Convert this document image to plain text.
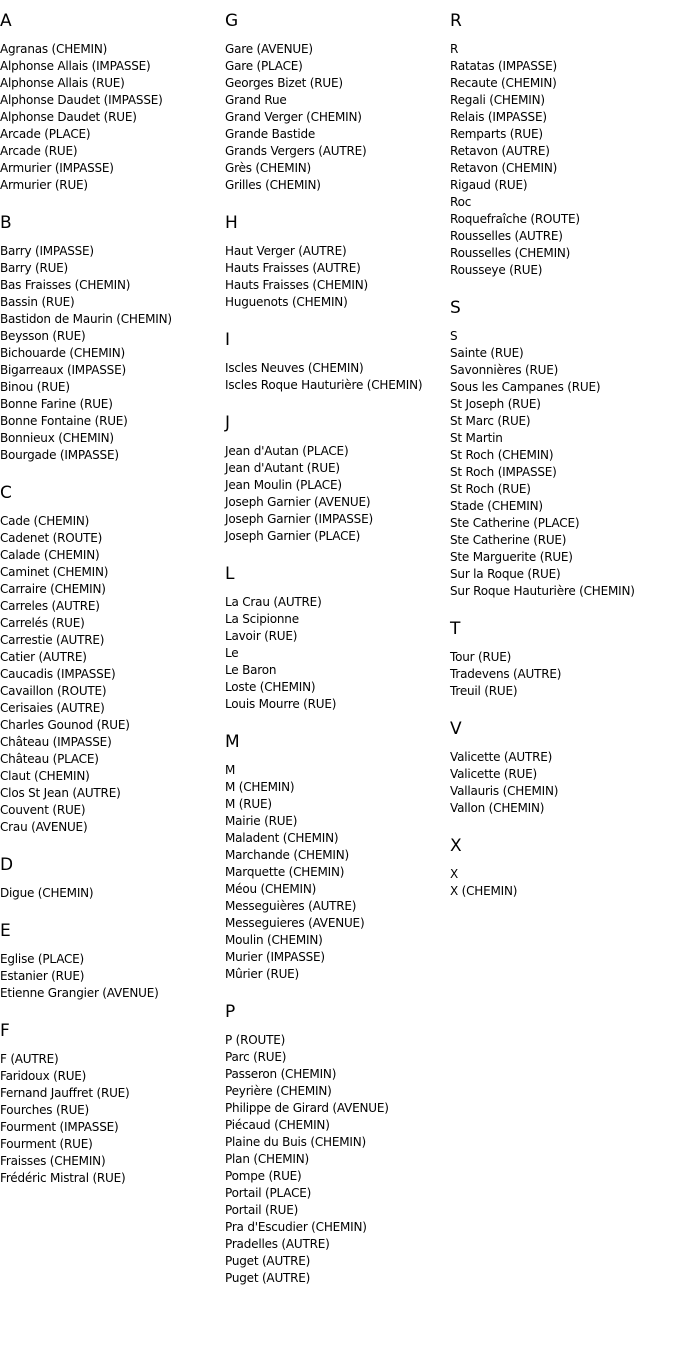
A
Agranas (CHEMIN)
Alphonse Allais (IMPASSE)
Alphonse Allais (RUE)
Alphonse Daudet (IMPASSE)
Alphonse Daudet (RUE)
Arcade (PLACE)
Arcade (RUE)
Armurier (IMPASSE)
Armurier (RUE)
B
Barry (IMPASSE)
Barry (RUE)
Bas Fraisses (CHEMIN)
Bassin (RUE)
Bastidon de Maurin (CHEMIN)
Beysson (RUE)
Bichouarde (CHEMIN)
Bigarreaux (IMPASSE)
Binou (RUE)
Bonne Farine (RUE)
Bonne Fontaine (RUE)
Bonnieux (CHEMIN)
Bourgade (IMPASSE)
C
Cade (CHEMIN)
Cadenet (ROUTE)
Calade (CHEMIN)
Caminet (CHEMIN)
Carraire (CHEMIN)
Carreles (AUTRE)
Carrelés (RUE)
Carrestie (AUTRE)
Catier (AUTRE)
Caucadis (IMPASSE)
Cavaillon (ROUTE)
Cerisaies (AUTRE)
Charles Gounod (RUE)
Château (IMPASSE)
Château (PLACE)
Claut (CHEMIN)
Clos St Jean (AUTRE)
Couvent (RUE)
Crau (AVENUE)
D
Digue (CHEMIN)
E
Eglise (PLACE)
Estanier (RUE)
Etienne Grangier (AVENUE)
F
F (AUTRE)
Faridoux (RUE)
Fernand Jauffret (RUE)
Fourches (RUE)
Fourment (IMPASSE)
Fourment (RUE)
Fraisses (CHEMIN)
Frédéric Mistral (RUE)
G
Gare (AVENUE)
Gare (PLACE)
Georges Bizet (RUE)
Grand Rue
Grand Verger (CHEMIN)
Grande Bastide
Grands Vergers (AUTRE)
Grès (CHEMIN)
Grilles (CHEMIN)
H
Haut Verger (AUTRE)
Hauts Fraisses (AUTRE)
Hauts Fraisses (CHEMIN)
Huguenots (CHEMIN)
I
Iscles Neuves (CHEMIN)
Iscles Roque Hauturière (CHEMIN)
J
Jean d'Autan (PLACE)
Jean d'Autant (RUE)
Jean Moulin (PLACE)
Joseph Garnier (AVENUE)
Joseph Garnier (IMPASSE)
Joseph Garnier (PLACE)
L
La Crau (AUTRE)
La Scipionne
Lavoir (RUE)
Le
Le Baron
Loste (CHEMIN)
Louis Mourre (RUE)
M
M
M (CHEMIN)
M (RUE)
Mairie (RUE)
Maladent (CHEMIN)
Marchande (CHEMIN)
Marquette (CHEMIN)
Méou (CHEMIN)
Messeguières (AUTRE)
Messeguieres (AVENUE)
Moulin (CHEMIN)
Murier (IMPASSE)
Mûrier (RUE)
P
P (ROUTE)
Parc (RUE)
Passeron (CHEMIN)
Peyrière (CHEMIN)
Philippe de Girard (AVENUE)
Piécaud (CHEMIN)
Plaine du Buis (CHEMIN)
Plan (CHEMIN)
Pompe (RUE)
Portail (PLACE)
Portail (RUE)
Pra d'Escudier (CHEMIN)
Pradelles (AUTRE)
Puget (AUTRE)
Puget (AUTRE)
R
R
Ratatas (IMPASSE)
Recaute (CHEMIN)
Regali (CHEMIN)
Relais (IMPASSE)
Remparts (RUE)
Retavon (AUTRE)
Retavon (CHEMIN)
Rigaud (RUE)
Roc
Roquefraîche (ROUTE)
Rousselles (AUTRE)
Rousselles (CHEMIN)
Rousseye (RUE)
S
S
Sainte (RUE)
Savonnières (RUE)
Sous les Campanes (RUE)
St Joseph (RUE)
St Marc (RUE)
St Martin
St Roch (CHEMIN)
St Roch (IMPASSE)
St Roch (RUE)
Stade (CHEMIN)
Ste Catherine (PLACE)
Ste Catherine (RUE)
Ste Marguerite (RUE)
Sur la Roque (RUE)
Sur Roque Hauturière (CHEMIN)
T
Tour (RUE)
Tradevens (AUTRE)
Treuil (RUE)
V
Valicette (AUTRE)
Valicette (RUE)
Vallauris (CHEMIN)
Vallon (CHEMIN)
X
X
X (CHEMIN)
